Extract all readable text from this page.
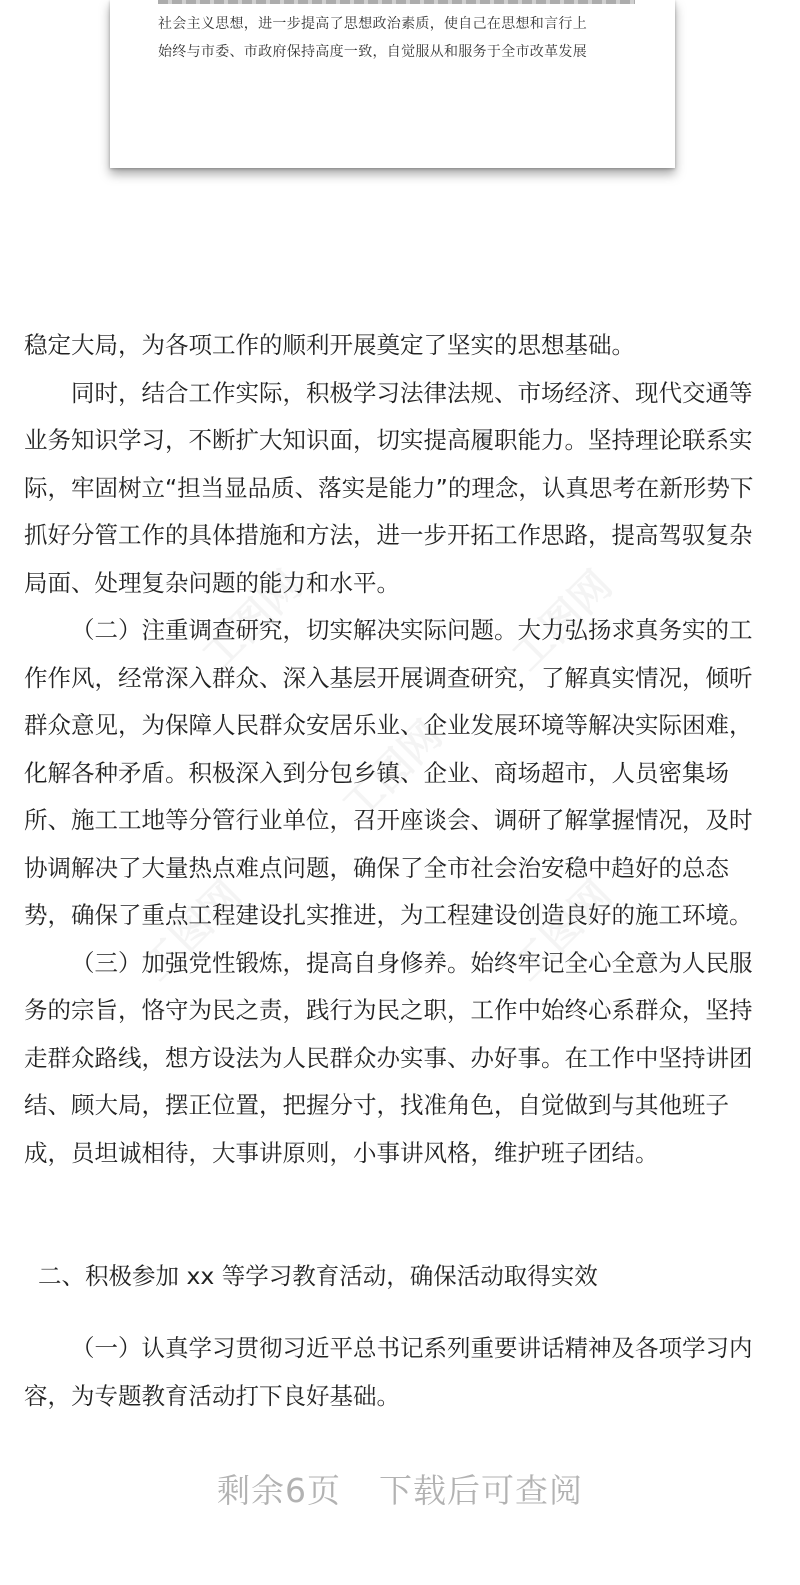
社会主义思想，进一步提高了思想政治素质，使自己在思想和言行上
始终与市委、市政府保持高度一致，自觉服从和服务于全市改革发展

稳定大局，为各项工作的顺利开展奠定了坚实的思想基础。

同时，结合工作实际，积极学习法律法规、市场经济、现代交通等业务知识学习，不断扩大知识面，切实提高履职能力。坚持理论联系实际，牢固树立“担当显品质、落实是能力”的理念，认真思考在新形势下抓好分管工作的具体措施和方法，进一步开拓工作思路，提高驾驭复杂局面、处理复杂问题的能力和水平。

（二）注重调查研究，切实解决实际问题。大力弘扬求真务实的工作作风，经常深入群众、深入基层开展调查研究，了解真实情况，倾听群众意见，为保障人民群众安居乐业、企业发展环境等解决实际困难，化解各种矛盾。积极深入到分包乡镇、企业、商场超市，人员密集场所、施工工地等分管行业单位，召开座谈会、调研了解掌握情况，及时协调解决了大量热点难点问题，确保了全市社会治安稳中趋好的总态势，确保了重点工程建设扎实推进，为工程建设创造良好的施工环境。

（三）加强党性锻炼，提高自身修养。始终牢记全心全意为人民服务的宗旨，恪守为民之责，践行为民之职，工作中始终心系群众，坚持走群众路线，想方设法为人民群众办实事、办好事。在工作中坚持讲团结、顾大局，摆正位置，把握分寸，找准角色，自觉做到与其他班子成，员坦诚相待，大事讲原则，小事讲风格，维护班子团结。

二、积极参加 xx 等学习教育活动，确保活动取得实效

（一）认真学习贯彻习近平总书记系列重要讲话精神及各项学习内容，为专题教育活动打下良好基础。

剩余6页 下载后可查阅
